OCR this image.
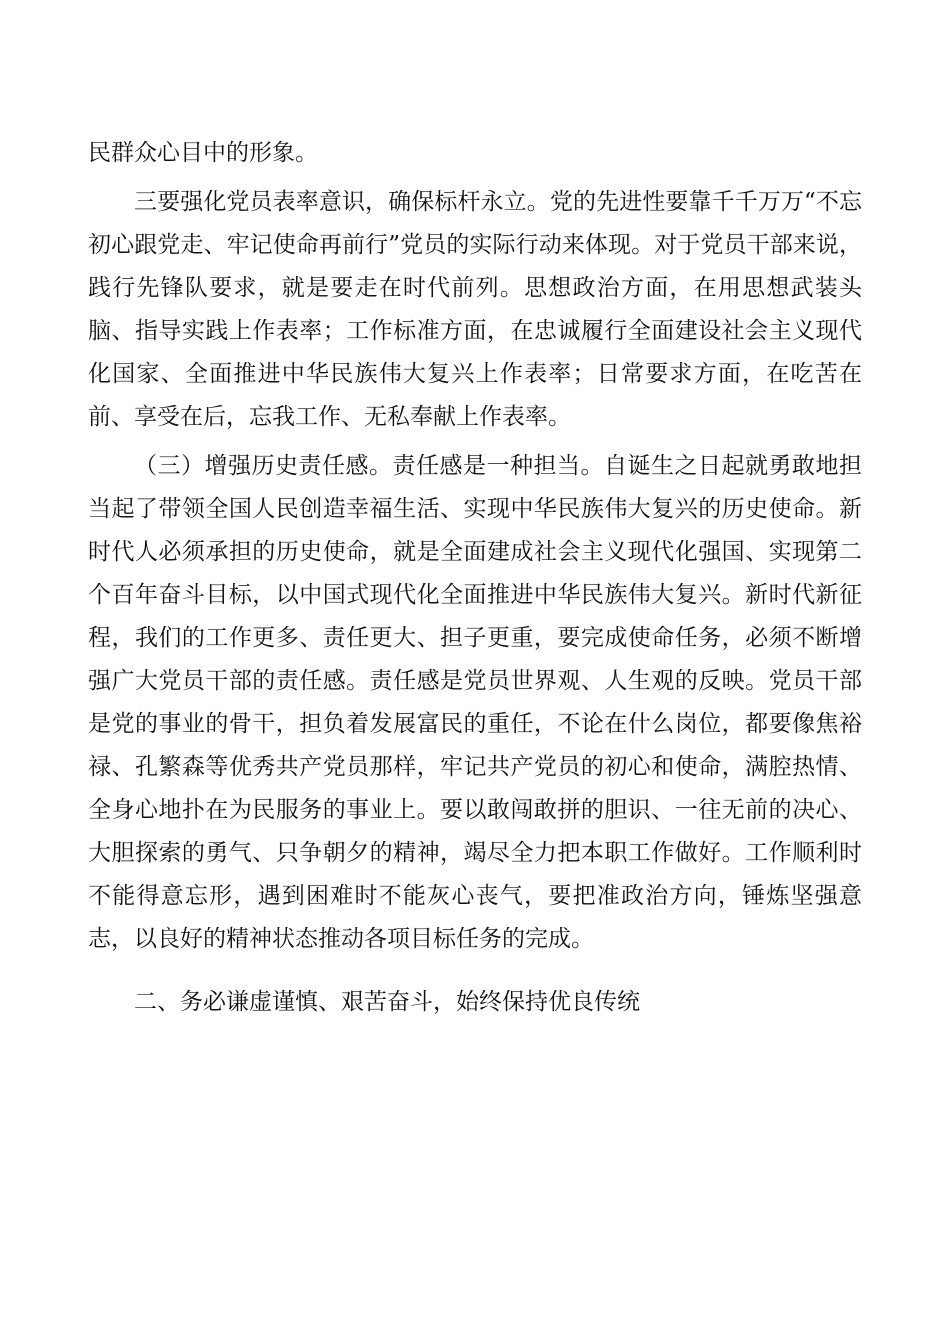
民群众心目中的形象。

三要强化党员表率意识，确保标杆永立。党的先进性要靠千千万万“不忘初心跟党走、牢记使命再前行”党员的实际行动来体现。对于党员干部来说，践行先锋队要求，就是要走在时代前列。思想政治方面，在用思想武装头脑、指导实践上作表率；工作标准方面，在忠诚履行全面建设社会主义现代化国家、全面推进中华民族伟大复兴上作表率；日常要求方面，在吃苦在前、享受在后，忘我工作、无私奉献上作表率。

（三）增强历史责任感。责任感是一种担当。自诞生之日起就勇敢地担当起了带领全国人民创造幸福生活、实现中华民族伟大复兴的历史使命。新时代人必须承担的历史使命，就是全面建成社会主义现代化强国、实现第二个百年奋斗目标，以中国式现代化全面推进中华民族伟大复兴。新时代新征程，我们的工作更多、责任更大、担子更重，要完成使命任务，必须不断增强广大党员干部的责任感。责任感是党员世界观、人生观的反映。党员干部是党的事业的骨干，担负着发展富民的重任，不论在什么岗位，都要像焦裕禄、孔繁森等优秀共产党员那样，牢记共产党员的初心和使命，满腔热情、全身心地扑在为民服务的事业上。要以敢闯敢拼的胆识、一往无前的决心、大胆探索的勇气、只争朝夕的精神，竭尽全力把本职工作做好。工作顺利时不能得意忘形，遇到困难时不能灰心丧气，要把准政治方向，锤炼坚强意志，以良好的精神状态推动各项目标任务的完成。

二、务必谦虚谨慎、艰苦奋斗，始终保持优良传统
